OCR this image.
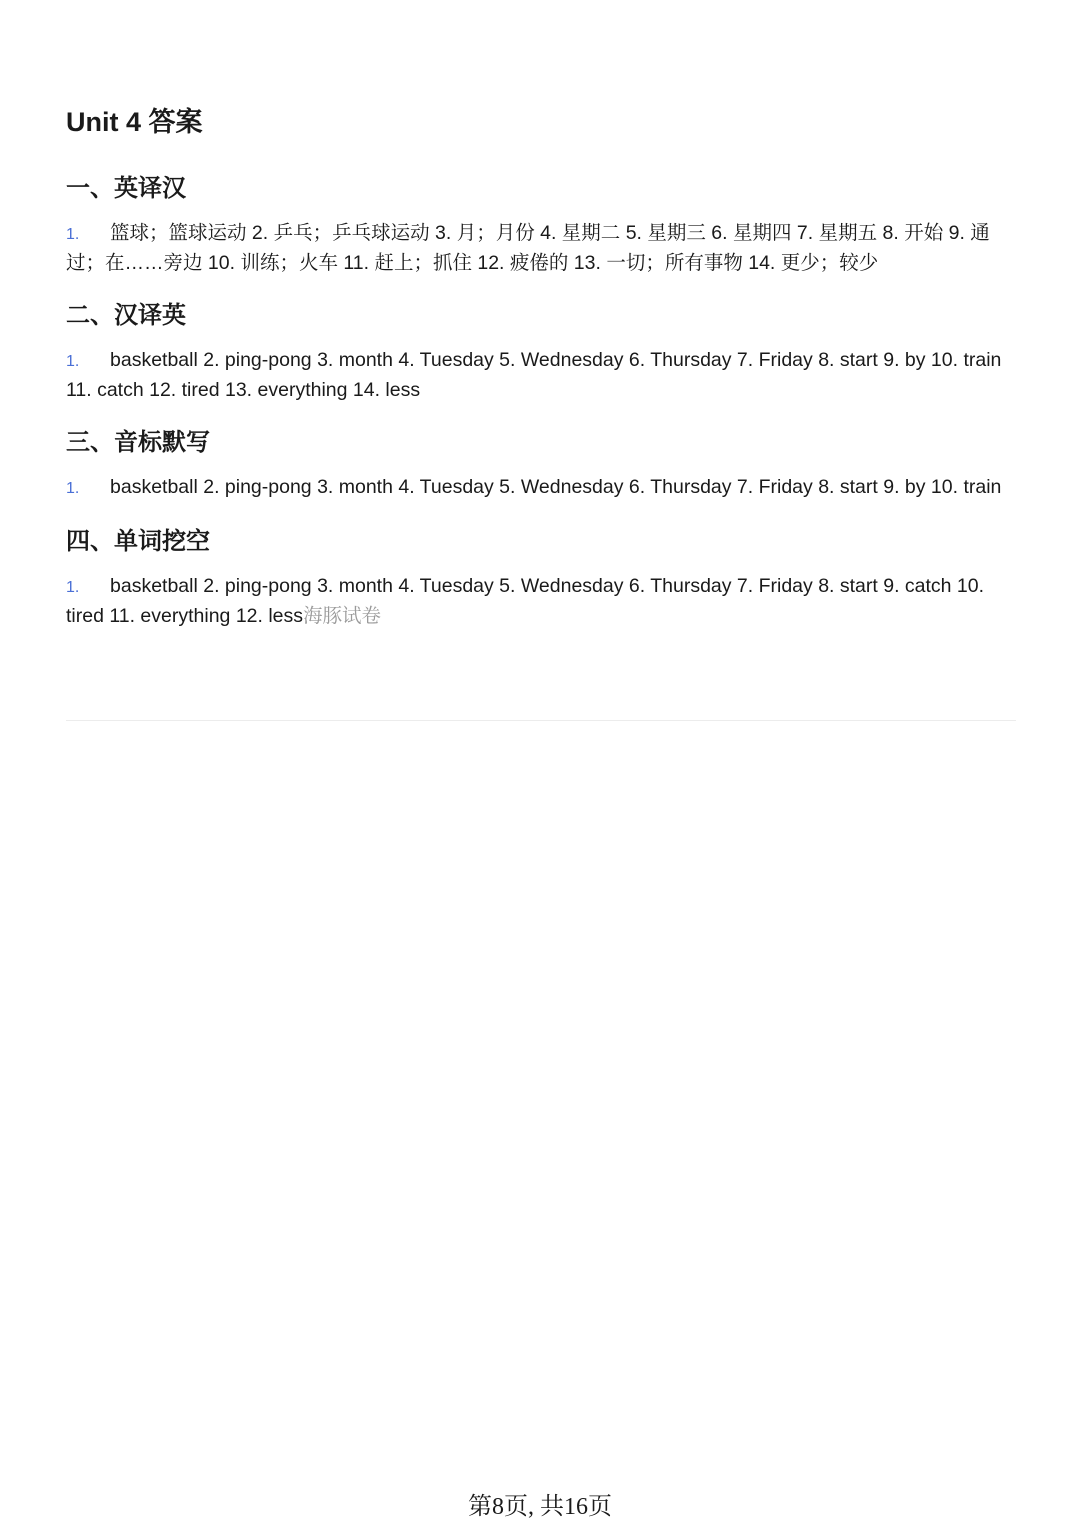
Unit 4 答案
一、英译汉

1. 篮球；篮球运动 2. 乒乓；乒乓球运动 3. 月；月份 4. 星期二 5. 星期三 6. 星期四 7. 星期五 8. 开始 9. 通过；在……旁边 10. 训练；火车 11. 赶上；抓住 12. 疲倦的 13. 一切；所有事物 14. 更少；较少

二、汉译英

1. basketball 2. ping-pong 3. month 4. Tuesday 5. Wednesday 6. Thursday 7. Friday 8. start 9. by 10. train 11. catch 12. tired 13. everything 14. less

三、音标默写

1. basketball 2. ping-pong 3. month 4. Tuesday 5. Wednesday 6. Thursday 7. Friday 8. start 9. by 10. train

四、单词挖空

1. basketball 2. ping-pong 3. month 4. Tuesday 5. Wednesday 6. Thursday 7. Friday 8. start 9. catch 10. tired 11. everything 12. less海豚试卷

第8页, 共16页
